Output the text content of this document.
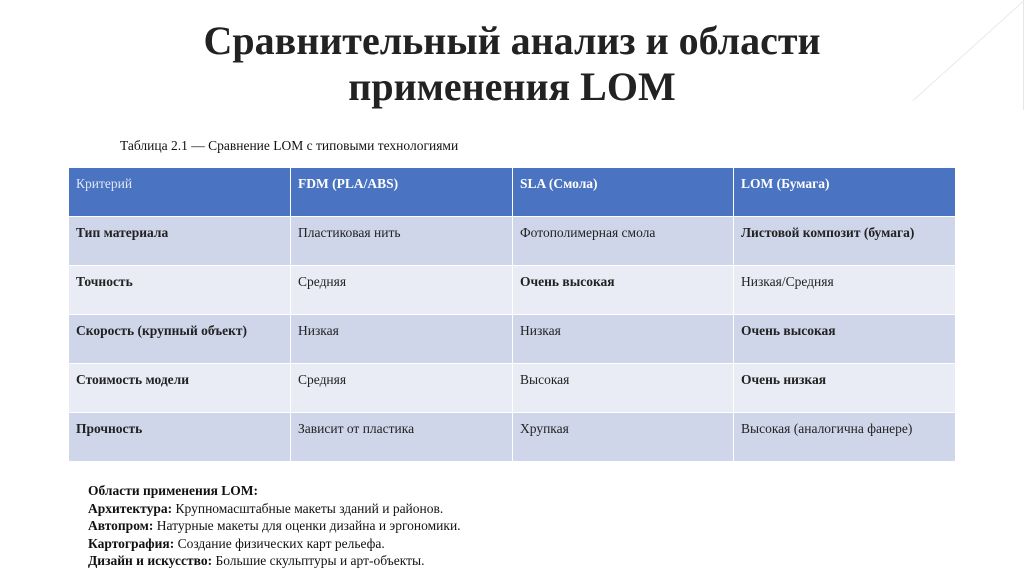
Сравнительный анализ и области
применения LOM
Таблица 2.1 — Сравнение LOM с типовыми технологиями
Критерий	FDM (PLA/ABS)	SLA (Смола)	LOM (Бумага)
Тип материала	Пластиковая нить	Фотополимерная смола	Листовой композит (бумага)
Точность	Средняя	Очень высокая	Низкая/Средняя
Скорость (крупный объект)	Низкая	Низкая	Очень высокая
Стоимость модели	Средняя	Высокая	Очень низкая
Прочность	Зависит от пластика	Хрупкая	Высокая (аналогична фанере)
Области применения LOM:
Архитектура: Крупномасштабные макеты зданий и районов.
Автопром: Натурные макеты для оценки дизайна и эргономики.
Картография: Создание физических карт рельефа.
Дизайн и искусство: Большие скульптуры и арт-объекты.
